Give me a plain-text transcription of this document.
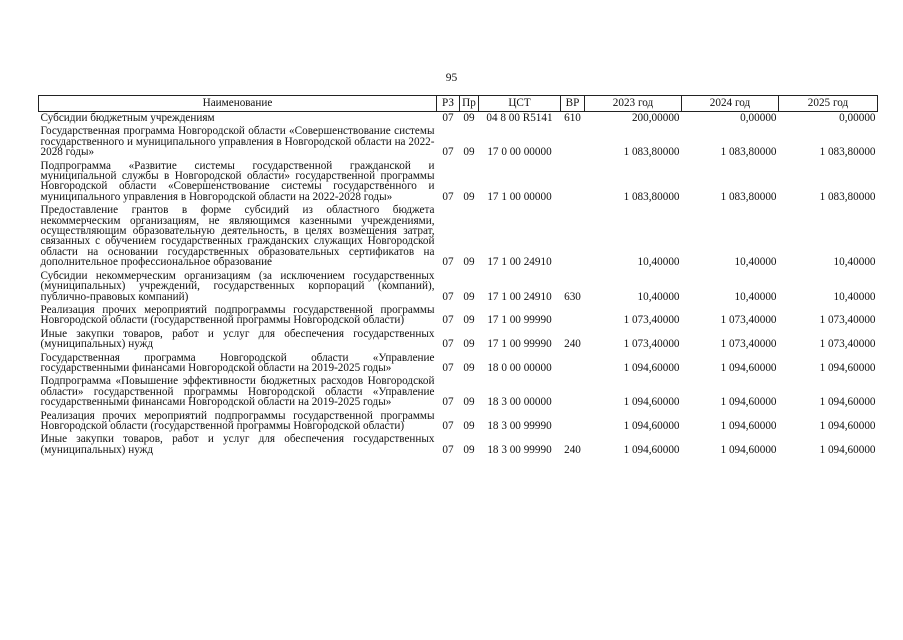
95
Наименование	РЗ	Пр	ЦСТ	ВР	2023 год	2024 год	2025 год
Субсидии бюджетным учреждениям	07	09	04 8 00 R5141	610	200,00000	0,00000	0,00000
Государственная программа Новгородской области «Совершенствование системы государственного и муниципального управления в Новгородской области на 2022-2028 годы»	07	09	17 0 00 00000		1 083,80000	1 083,80000	1 083,80000
Подпрограмма «Развитие системы государственной гражданской и муниципальной службы в Новгородской области» государственной программы Новгородской области «Совершенствование системы государственного и муниципального управления в Новгородской области на 2022-2028 годы»	07	09	17 1 00 00000		1 083,80000	1 083,80000	1 083,80000
Предоставление грантов в форме субсидий из областного бюджета некоммерческим организациям, не являющимся казенными учреждениями, осуществляющим образовательную деятельность, в целях возмещения затрат, связанных с обучением государственных гражданских служащих Новгородской области на основании государственных образовательных сертификатов на дополнительное профессиональное образование	07	09	17 1 00 24910		10,40000	10,40000	10,40000
Субсидии некоммерческим организациям (за исключением государственных (муниципальных) учреждений, государственных корпораций (компаний), публично-правовых компаний)	07	09	17 1 00 24910	630	10,40000	10,40000	10,40000
Реализация прочих мероприятий подпрограммы государственной программы Новгородской области (государственной программы Новгородской области)	07	09	17 1 00 99990		1 073,40000	1 073,40000	1 073,40000
Иные закупки товаров, работ и услуг для обеспечения государственных (муниципальных) нужд	07	09	17 1 00 99990	240	1 073,40000	1 073,40000	1 073,40000
Государственная программа Новгородской области «Управление государственными финансами Новгородской области на 2019-2025 годы»	07	09	18 0 00 00000		1 094,60000	1 094,60000	1 094,60000
Подпрограмма «Повышение эффективности бюджетных расходов Новгородской области» государственной программы Новгородской области «Управление государственными финансами Новгородской области на 2019-2025 годы»	07	09	18 3 00 00000		1 094,60000	1 094,60000	1 094,60000
Реализация прочих мероприятий подпрограммы государственной программы Новгородской области (государственной программы Новгородской области)	07	09	18 3 00 99990		1 094,60000	1 094,60000	1 094,60000
Иные закупки товаров, работ и услуг для обеспечения государственных (муниципальных) нужд	07	09	18 3 00 99990	240	1 094,60000	1 094,60000	1 094,60000
